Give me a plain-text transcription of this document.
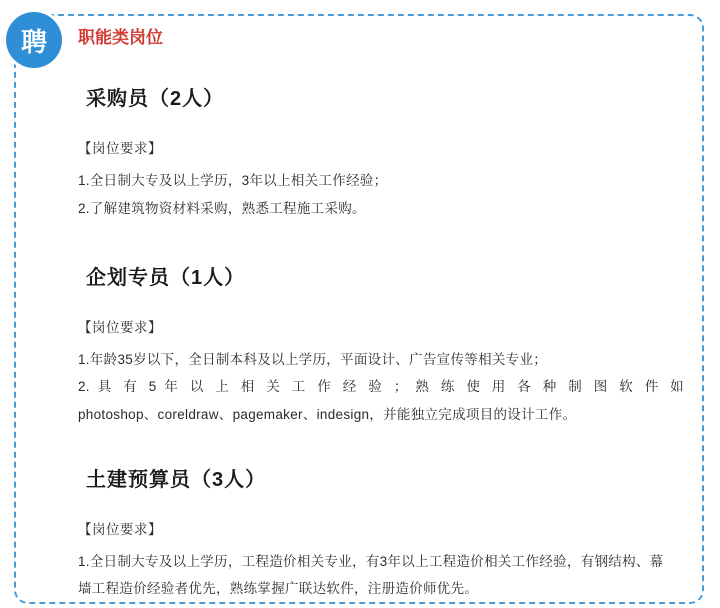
聘 职能类岗位
采购员（2人）

【岗位要求】

1.全日制大专及以上学历，3年以上相关工作经验；

2.了解建筑物资材料采购，熟悉工程施工采购。

企划专员（1人）

【岗位要求】

1.年龄35岁以下，全日制本科及以上学历，平面设计、广告宣传等相关专业；

2. 具 有 5 年 以 上 相 关 工 作 经 验 ； 熟 练 使 用 各 种 制 图 软 件 如

photoshop、coreldraw、pagemaker、indesign，并能独立完成项目的设计工作。

土建预算员（3人）

【岗位要求】

1.全日制大专及以上学历，工程造价相关专业，有3年以上工程造价相关工作经验，有钢结构、幕

墙工程造价经验者优先，熟练掌握广联达软件，注册造价师优先。
